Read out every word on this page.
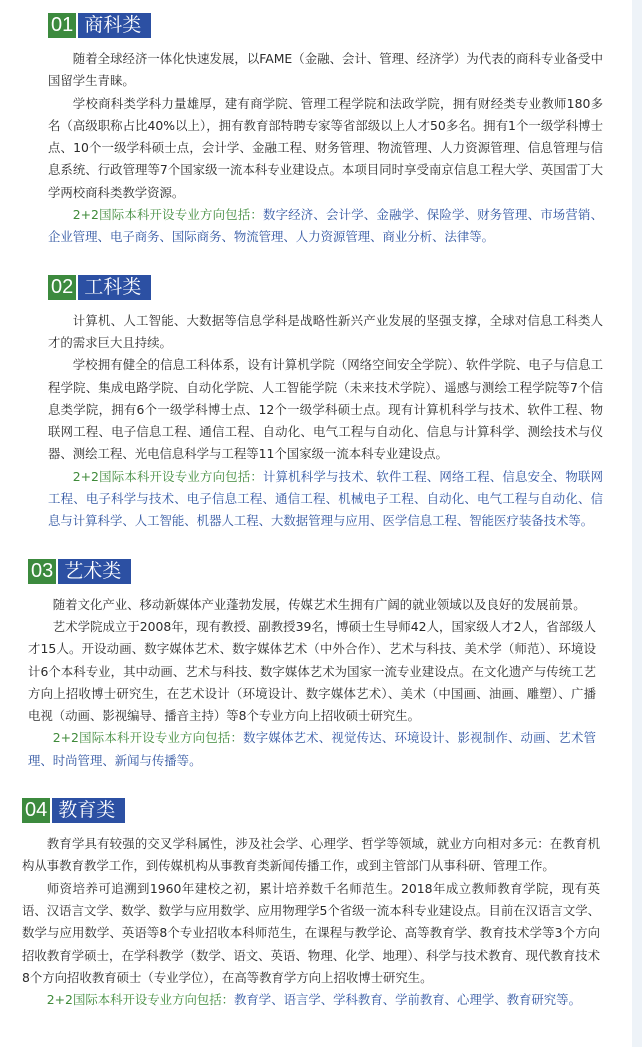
01 商科类

随着全球经济一体化快速发展，以FAME（金融、会计、管理、经济学）为代表的商科专业备受中国留学生青睐。

学校商科类学科力量雄厚，建有商学院、管理工程学院和法政学院，拥有财经类专业教师180多名（高级职称占比40%以上），拥有教育部特聘专家等省部级以上人才50多名。拥有1个一级学科博士点、10个一级学科硕士点，会计学、金融工程、财务管理、物流管理、人力资源管理、信息管理与信息系统、行政管理等7个国家级一流本科专业建设点。本项目同时享受南京信息工程大学、英国雷丁大学两校商科类教学资源。

2+2国际本科开设专业方向包括：数字经济、会计学、金融学、保险学、财务管理、市场营销、企业管理、电子商务、国际商务、物流管理、人力资源管理、商业分析、法律等。

02 工科类

计算机、人工智能、大数据等信息学科是战略性新兴产业发展的坚强支撑，全球对信息工科类人才的需求巨大且持续。

学校拥有健全的信息工科体系，设有计算机学院（网络空间安全学院）、软件学院、电子与信息工程学院、集成电路学院、自动化学院、人工智能学院（未来技术学院）、遥感与测绘工程学院等7个信息类学院，拥有6个一级学科博士点、12个一级学科硕士点。现有计算机科学与技术、软件工程、物联网工程、电子信息工程、通信工程、自动化、电气工程与自动化、信息与计算科学、测绘技术与仪器、测绘工程、光电信息科学与工程等11个国家级一流本科专业建设点。

2+2国际本科开设专业方向包括：计算机科学与技术、软件工程、网络工程、信息安全、物联网工程、电子科学与技术、电子信息工程、通信工程、机械电子工程、自动化、电气工程与自动化、信息与计算科学、人工智能、机器人工程、大数据管理与应用、医学信息工程、智能医疗装备技术等。

03 艺术类

随着文化产业、移动新媒体产业蓬勃发展，传媒艺术生拥有广阔的就业领域以及良好的发展前景。

艺术学院成立于2008年，现有教授、副教授39名，博硕士生导师42人，国家级人才2人，省部级人才15人。开设动画、数字媒体艺术、数字媒体艺术（中外合作）、艺术与科技、美术学（师范）、环境设计6个本科专业，其中动画、艺术与科技、数字媒体艺术为国家一流专业建设点。在文化遗产与传统工艺方向上招收博士研究生，在艺术设计（环境设计、数字媒体艺术）、美术（中国画、油画、雕塑）、广播电视（动画、影视编导、播音主持）等8个专业方向上招收硕士研究生。

2+2国际本科开设专业方向包括：数字媒体艺术、视觉传达、环境设计、影视制作、动画、艺术管理、时尚管理、新闻与传播等。

04 教育类

教育学具有较强的交叉学科属性，涉及社会学、心理学、哲学等领域，就业方向相对多元：在教育机构从事教育教学工作，到传媒机构从事教育类新闻传播工作，或到主管部门从事科研、管理工作。

师资培养可追溯到1960年建校之初，累计培养数千名师范生。2018年成立教师教育学院，现有英语、汉语言文学、数学、数学与应用数学、应用物理学5个省级一流本科专业建设点。目前在汉语言文学、数学与应用数学、英语等8个专业招收本科师范生，在课程与教学论、高等教育学、教育技术学等3个方向招收教育学硕士，在学科教学（数学、语文、英语、物理、化学、地理）、科学与技术教育、现代教育技术8个方向招收教育硕士（专业学位），在高等教育学方向上招收博士研究生。

2+2国际本科开设专业方向包括：教育学、语言学、学科教育、学前教育、心理学、教育研究等。
